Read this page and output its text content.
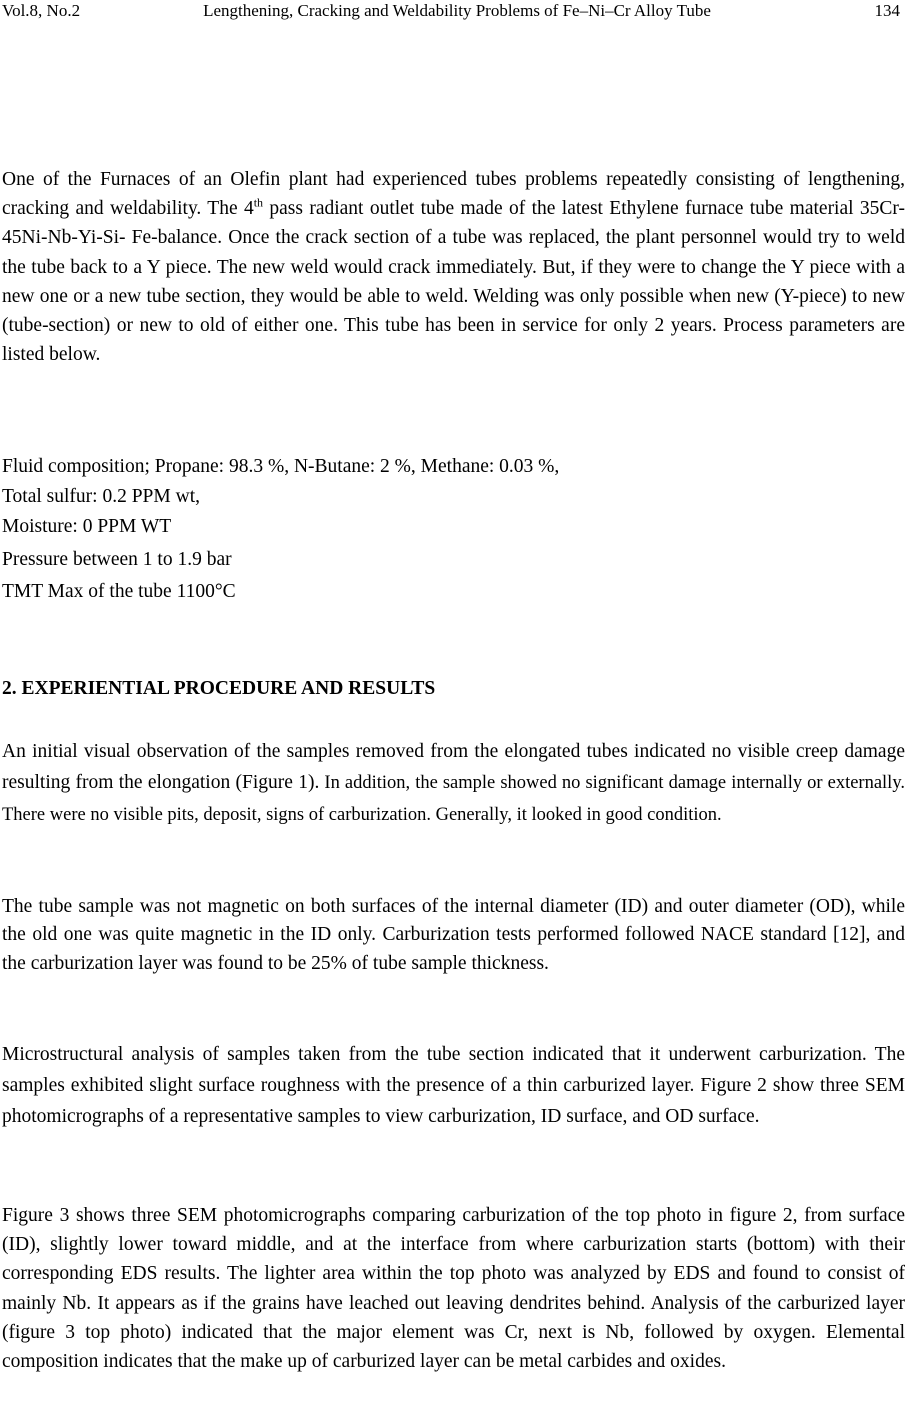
Vol.8, No.2	Lengthening, Cracking and Weldability Problems of Fe–Ni–Cr Alloy Tube	134

One of the Furnaces of an Olefin plant had experienced tubes problems repeatedly consisting of lengthening, cracking and weldability. The 4th pass radiant outlet tube made of the latest Ethylene furnace tube material 35Cr-45Ni-Nb-Yi-Si- Fe-balance. Once the crack section of a tube was replaced, the plant personnel would try to weld the tube back to a Y piece. The new weld would crack immediately. But, if they were to change the Y piece with a new one or a new tube section, they would be able to weld. Welding was only possible when new (Y-piece) to new (tube-section) or new to old of either one. This tube has been in service for only 2 years. Process parameters are listed below.

Fluid composition; Propane: 98.3 %, N-Butane: 2 %, Methane: 0.03 %,
Total sulfur: 0.2 PPM wt,
Moisture: 0 PPM WT
Pressure between 1 to 1.9 bar
TMT Max of the tube 1100°C
2. EXPERIENTIAL PROCEDURE AND RESULTS

An initial visual observation of the samples removed from the elongated tubes indicated no visible creep damage resulting from the elongation (Figure 1). In addition, the sample showed no significant damage internally or externally. There were no visible pits, deposit, signs of carburization. Generally, it looked in good condition.

The tube sample was not magnetic on both surfaces of the internal diameter (ID) and outer diameter (OD), while the old one was quite magnetic in the ID only. Carburization tests performed followed NACE standard [12], and the carburization layer was found to be 25% of tube sample thickness.

Microstructural analysis of samples taken from the tube section indicated that it underwent carburization. The samples exhibited slight surface roughness with the presence of a thin carburized layer. Figure 2 show three SEM photomicrographs of a representative samples to view carburization, ID surface, and OD surface.

Figure 3 shows three SEM photomicrographs comparing carburization of the top photo in figure 2, from surface (ID), slightly lower toward middle, and at the interface from where carburization starts (bottom) with their corresponding EDS results. The lighter area within the top photo was analyzed by EDS and found to consist of mainly Nb. It appears as if the grains have leached out leaving dendrites behind. Analysis of the carburized layer (figure 3 top photo) indicated that the major element was Cr, next is Nb, followed by oxygen. Elemental composition indicates that the make up of carburized layer can be metal carbides and oxides.
